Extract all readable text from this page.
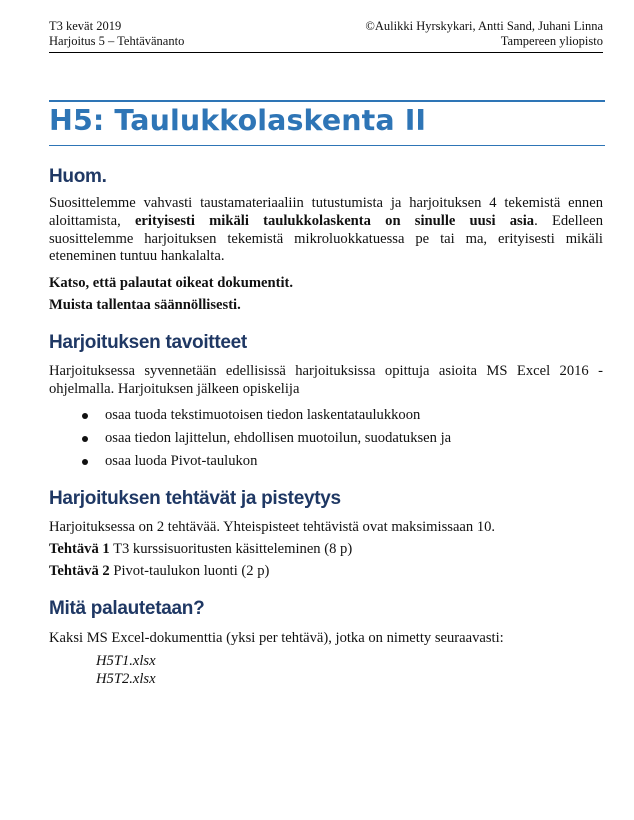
T3 kevät 2019
Harjoitus 5 – Tehtävänanto
©Aulikki Hyrskykari, Antti Sand, Juhani Linna
Tampereen yliopisto
H5: Taulukkolaskenta II
Huom.

Suosittelemme vahvasti taustamateriaaliin tutustumista ja harjoituksen 4 tekemistä ennen aloittamista, erityisesti mikäli taulukkolaskenta on sinulle uusi asia. Edelleen suosittelemme harjoituksen tekemistä mikroluokkatuessa pe tai ma, erityisesti mikäli eteneminen tuntuu hankalalta.

Katso, että palautat oikeat dokumentit.

Muista tallentaa säännöllisesti.

Harjoituksen tavoitteet

Harjoituksessa syvennetään edellisissä harjoituksissa opittuja asioita MS Excel 2016 - ohjelmalla. Harjoituksen jälkeen opiskelija

osaa tuoda tekstimuotoisen tiedon laskentataulukkoon
osaa tiedon lajittelun, ehdollisen muotoilun, suodatuksen ja
osaa luoda Pivot-taulukon
Harjoituksen tehtävät ja pisteytys

Harjoituksessa on 2 tehtävää. Yhteispisteet tehtävistä ovat maksimissaan 10.

Tehtävä 1 T3 kurssisuoritusten käsitteleminen (8 p)

Tehtävä 2 Pivot-taulukon luonti (2 p)

Mitä palautetaan?

Kaksi MS Excel-dokumenttia (yksi per tehtävä), jotka on nimetty seuraavasti:

H5T1.xlsx
H5T2.xlsx
